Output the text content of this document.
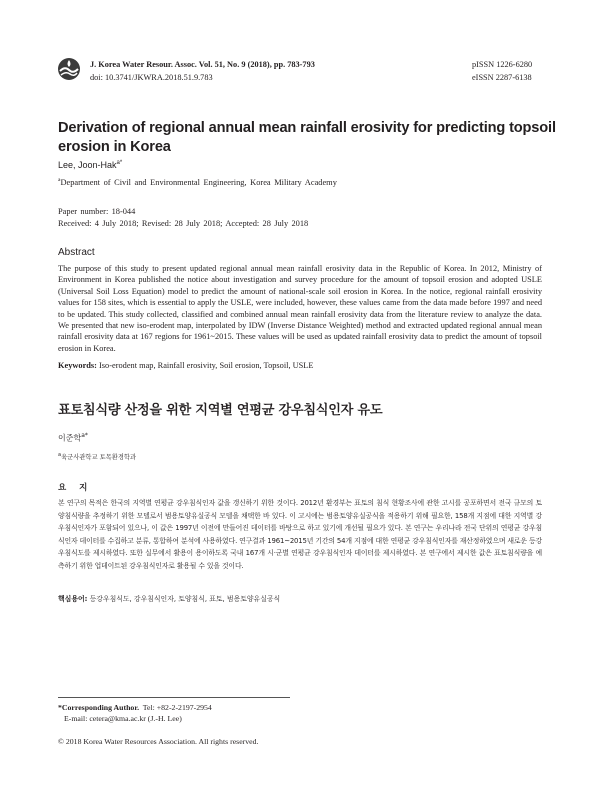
J. Korea Water Resour. Assoc. Vol. 51, No. 9 (2018), pp. 783-793
doi: 10.3741/JKWRA.2018.51.9.783
pISSN 1226-6280
eISSN 2287-6138
Derivation of regional annual mean rainfall erosivity for predicting topsoil erosion in Korea
Lee, Joon-Hak$^{a*}$
$^a$Department of Civil and Environmental Engineering, Korea Military Academy
Paper number: 18-044
Received: 4 July 2018; Revised: 28 July 2018; Accepted: 28 July 2018
Abstract
The purpose of this study to present updated regional annual mean rainfall erosivity data in the Republic of Korea. In 2012, Ministry of Environment in Korea published the notice about investigation and survey procedure for the amount of topsoil erosion and adopted USLE (Universal Soil Loss Equation) model to predict the amount of national-scale soil erosion in Korea. In the notice, regional rainfall erosivity values for 158 sites, which is essential to apply the USLE, were included, however, these values came from the data made before 1997 and need to be updated. This study collected, classified and combined annual mean rainfall erosivity data from the literature review to analyze the data. We presented that new iso-erodent map, interpolated by IDW (Inverse Distance Weighted) method and extracted updated regional annual mean rainfall erosivity data at 167 regions for 1961~2015. These values will be used as updated rainfall erosivity data to predict the amount of topsoil erosion in Korea.
Keywords: Iso-erodent map, Rainfall erosivity, Soil erosion, Topsoil, USLE
표토침식량 산정을 위한 지역별 연평균 강우침식인자 유도
이준학$^{a*}$
$^a$육군사관학교 토목환경학과
요 지
본 연구의 목적은 한국의 지역별 연평균 강우침식인자 값을 갱신하기 위한 것이다. 2012년 환경부는 표토의 침식 현황조사에 관한 고시를 공포하면서 전국 규모의 토양침식량을 추정하기 위한 모델로서 범용토양유실공식 모델을 채택한 바 있다. 이 고시에는 범용토양유실공식을 적용하기 위해 필요한, 158개 지점에 대한 지역별 강우침식인자가 포함되어 있으나, 이 값은 1997년 이전에 만들어진 데이터를 바탕으로 하고 있기에 개선될 필요가 있다. 본 연구는 우리나라 전국 단위의 연평균 강우침식인자 데이터를 수집하고 분류, 통합하여 분석에 사용하였다. 연구결과 1961~2015년 기간의 54개 지점에 대한 연평균 강우침식인자를 재산정하였으며 새로운 등강우침식도를 제시하였다. 또한 실무에서 활용이 용이하도록 국내 167개 시·군별 연평균 강우침식인자 데이터를 제시하였다. 본 연구에서 제시한 값은 표토침식량을 예측하기 위한 업데이트된 강우침식인자로 활용될 수 있을 것이다.
핵심용어: 등강우침식도, 강우침식인자, 토양침식, 표토, 범용토양유실공식
*Corresponding Author. Tel: +82-2-2197-2954
E-mail: cetera@kma.ac.kr (J.-H. Lee)
© 2018 Korea Water Resources Association. All rights reserved.
